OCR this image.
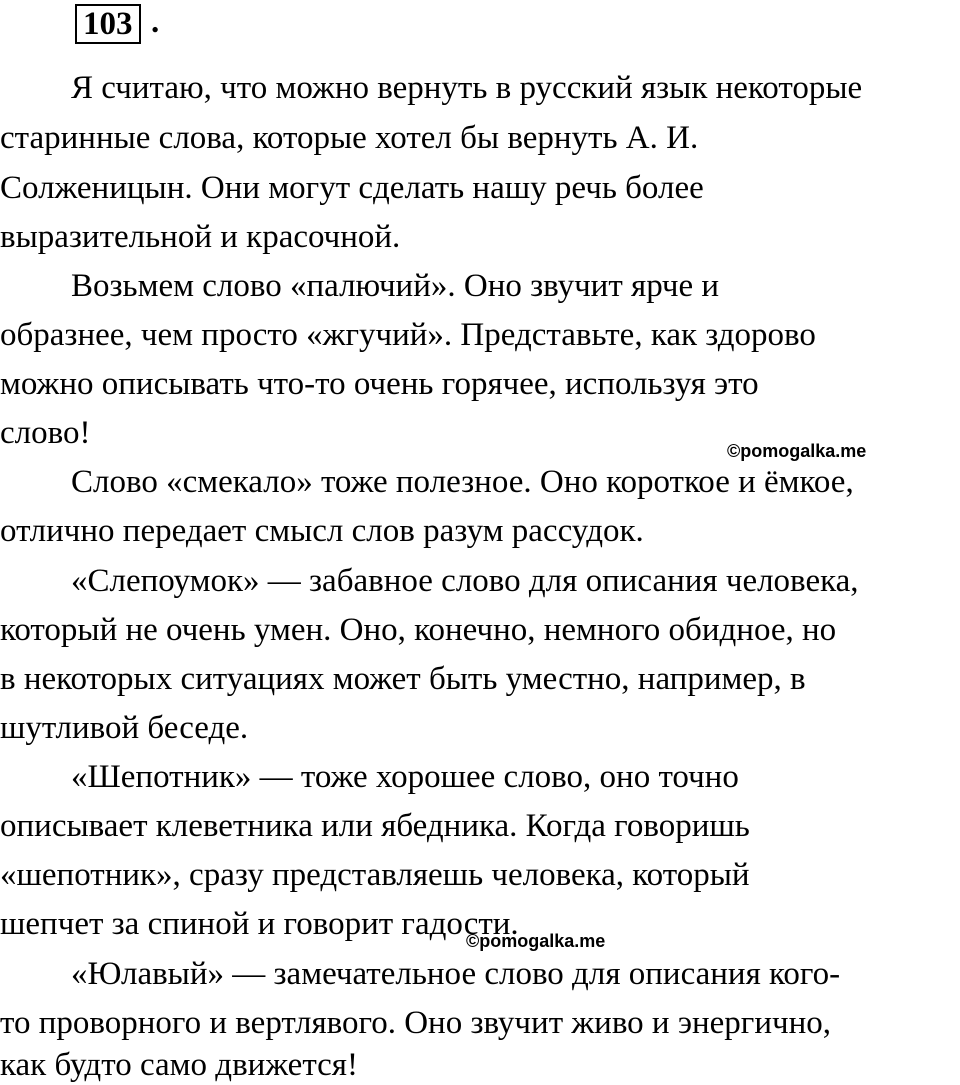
103 .
Я считаю, что можно вернуть в русский язык некоторые
старинные слова, которые хотел бы вернуть А. И.
Солженицын. Они могут сделать нашу речь более
выразительной и красочной.
Возьмем слово «палючий». Оно звучит ярче и
образнее, чем просто «жгучий». Представьте, как здорово
можно описывать что-то очень горячее, используя это
слово!	©pomogalka.me
Слово «смекало» тоже полезное. Оно короткое и ёмкое,
отлично передает смысл слов разум рассудок.
«Слепоумок» — забавное слово для описания человека,
который не очень умен. Оно, конечно, немного обидное, но
в некоторых ситуациях может быть уместно, например, в
шутливой беседе.
«Шепотник» — тоже хорошее слово, оно точно
описывает клеветника или ябедника. Когда говоришь
«шепотник», сразу представляешь человека, который
шепчет за спиной и говорит гадости.
©pomogalka.me
«Юлавый» — замечательное слово для описания кого-
то проворного и вертлявого. Оно звучит живо и энергично,
как будто само движется!
